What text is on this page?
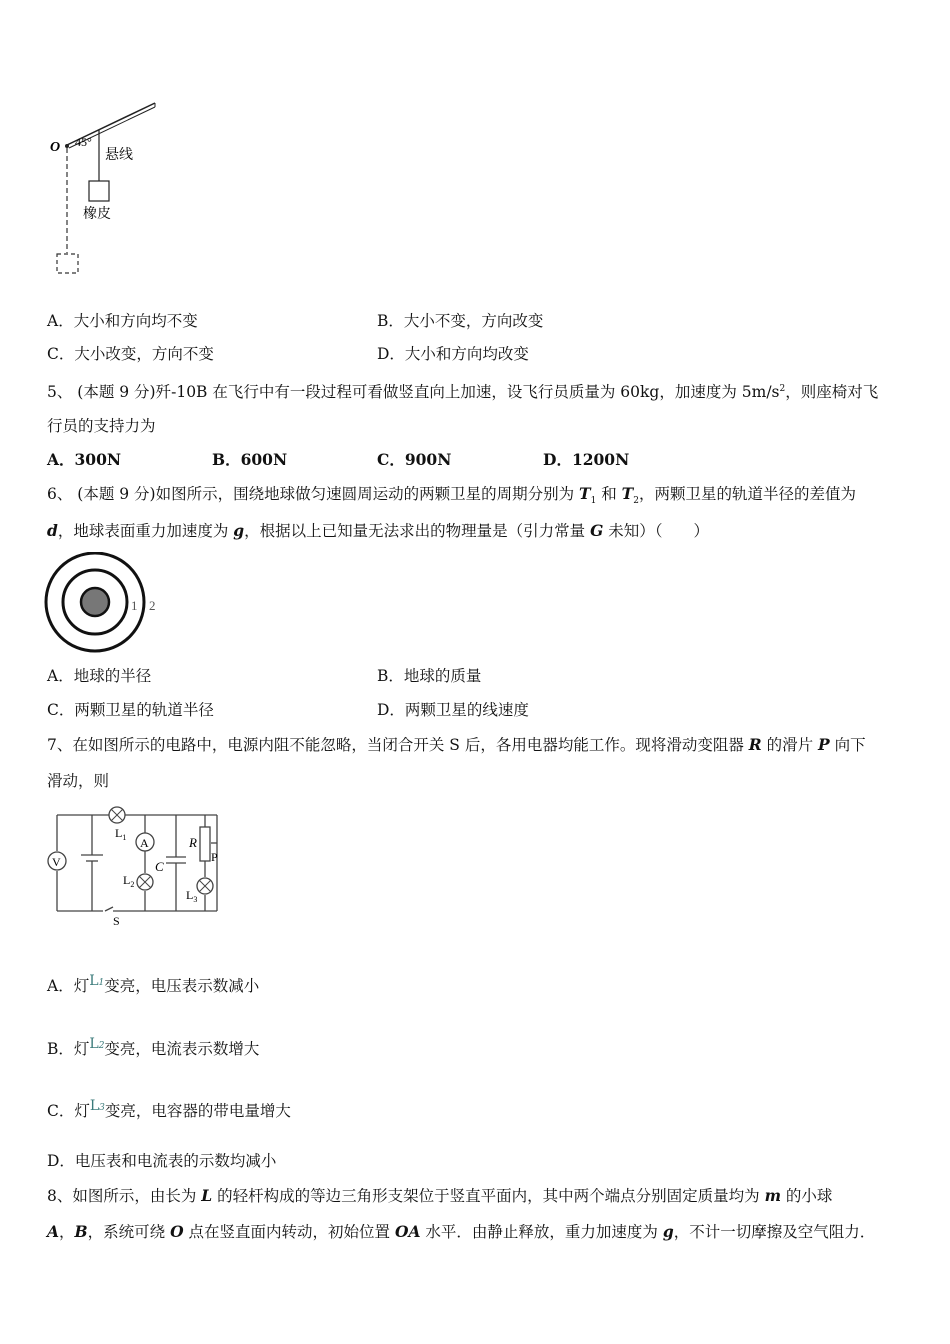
O 45°
悬线
橡皮
A．大小和方向均不变	B．大小不变，方向改变
C．大小改变，方向不变	D．大小和方向均改变
5、 (本题 9 分)歼-10B 在飞行中有一段过程可看做竖直向上加速，设飞行员质量为 60kg，加速度为 $5m/s^2$，则座椅对飞
行员的支持力为
A．300N	B．600N	C．900N	D．1200N
6、 (本题 9 分)如图所示，围绕地球做匀速圆周运动的两颗卫星的周期分别为 $T_1$ 和 $T_2$，两颗卫星的轨道半径的差值为
d，地球表面重力加速度为 g，根据以上已知量无法求出的物理量是（引力常量 G 未知）（　　）
1 2
A．地球的半径	B．地球的质量
C．两颗卫星的轨道半径	D．两颗卫星的线速度
7、在如图所示的电路中，电源内阻不能忽略，当闭合开关 S 后，各用电器均能工作。现将滑动变阻器 R 的滑片 P 向下
滑动，则
V
$L_1$ A
$L_2$
C
R
P
$L_3$
S
A．灯L1变亮，电压表示数减小
B．灯L2变亮，电流表示数增大
C．灯L3变亮，电容器的带电量增大
D．电压表和电流表的示数均减小
8、如图所示，由长为 L 的轻杆构成的等边三角形支架位于竖直平面内，其中两个端点分别固定质量均为 m 的小球
A，B，系统可绕 O 点在竖直面内转动，初始位置 OA 水平．由静止释放，重力加速度为 g，不计一切摩擦及空气阻力．
